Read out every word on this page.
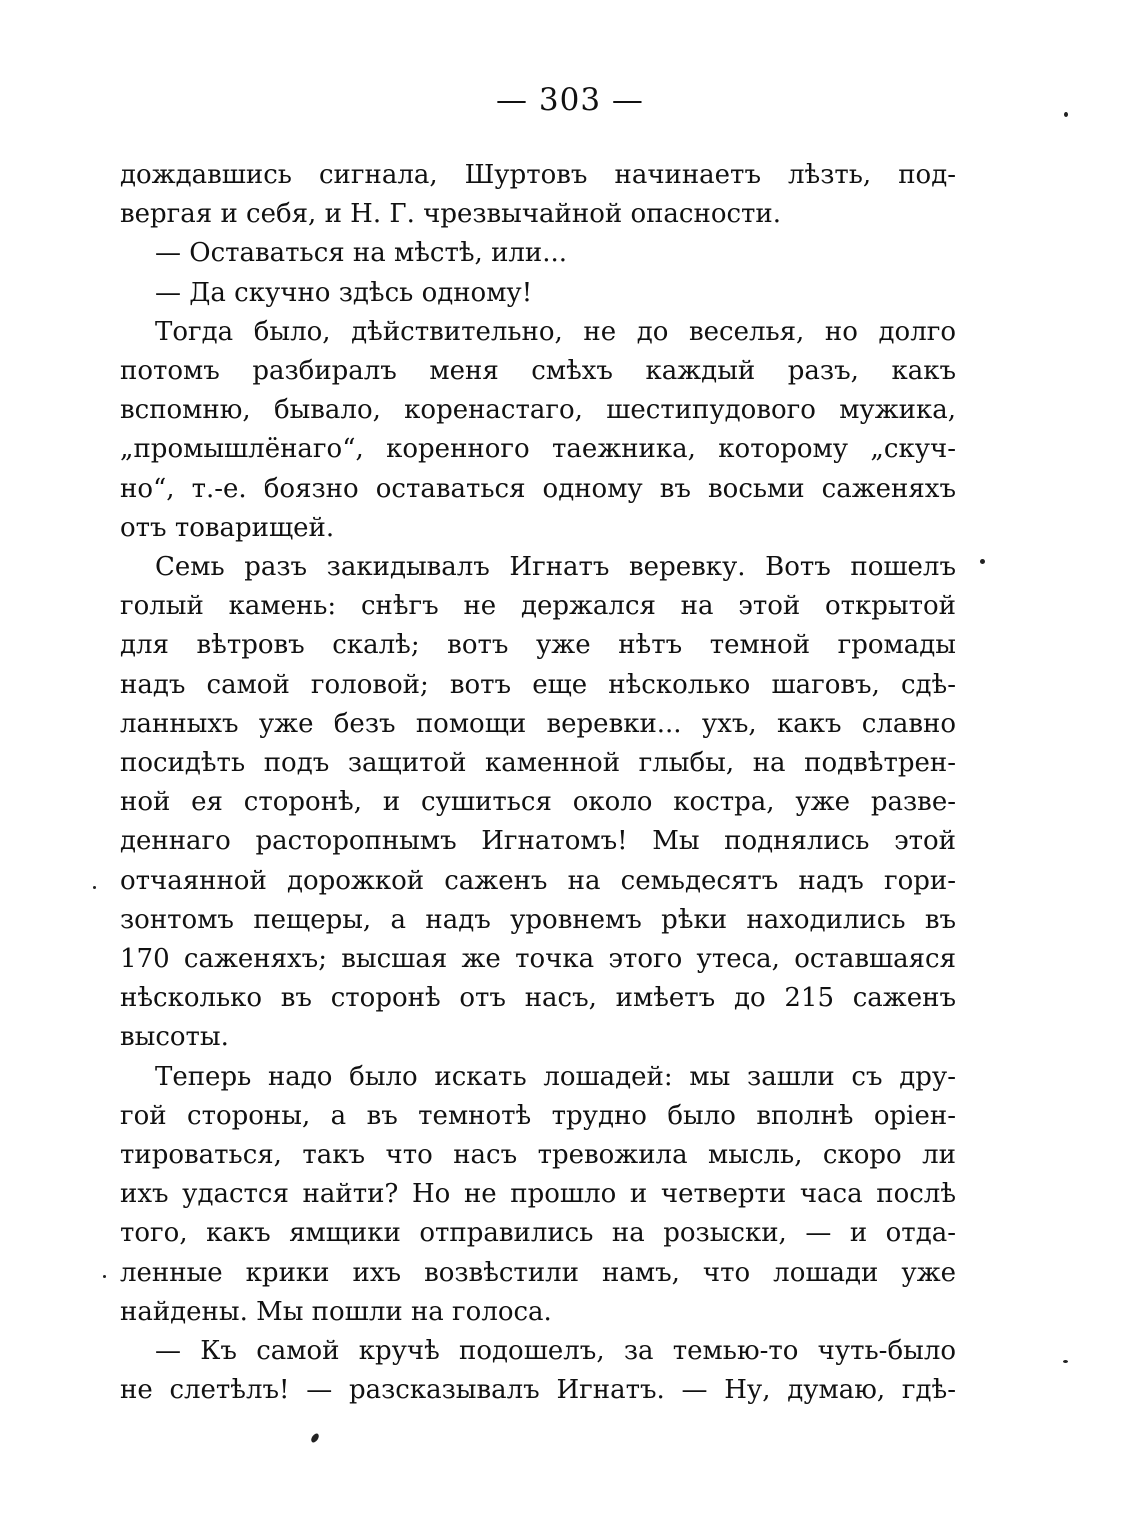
— 303 —
дождавшись сигнала, Шуртовъ начинаетъ лѣзть, под-
вергая и себя, и Н. Г. чрезвычайной опасности.
— Оставаться на мѣстѣ, или...
— Да скучно здѣсь одному!
Тогда было, дѣйствительно, не до веселья, но долго
потомъ разбиралъ меня смѣхъ каждый разъ, какъ
вспомню, бывало, коренастаго, шестипудового мужика,
„промышлёнаго“, коренного таежника, которому „скуч-
но“, т.-е. боязно оставаться одному въ восьми саженяхъ
отъ товарищей.
Семь разъ закидывалъ Игнатъ веревку. Вотъ пошелъ
голый камень: снѣгъ не держался на этой открытой
для вѣтровъ скалѣ; вотъ уже нѣтъ темной громады
надъ самой головой; вотъ еще нѣсколько шаговъ, сдѣ-
ланныхъ уже безъ помощи веревки... ухъ, какъ славно
посидѣть подъ защитой каменной глыбы, на подвѣтрен-
ной ея сторонѣ, и сушиться около костра, уже разве-
деннаго расторопнымъ Игнатомъ! Мы поднялись этой
отчаянной дорожкой саженъ на семьдесятъ надъ гори-
зонтомъ пещеры, а надъ уровнемъ рѣки находились въ
170 саженяхъ; высшая же точка этого утеса, оставшаяся
нѣсколько въ сторонѣ отъ насъ, имѣетъ до 215 саженъ
высоты.
Теперь надо было искать лошадей: мы зашли съ дру-
гой стороны, а въ темнотѣ трудно было вполнѣ оріен-
тироваться, такъ что насъ тревожила мысль, скоро ли
ихъ удастся найти? Но не прошло и четверти часа послѣ
того, какъ ямщики отправились на розыски, — и отда-
ленные крики ихъ возвѣстили намъ, что лошади уже
найдены. Мы пошли на голоса.
— Къ самой кручѣ подошелъ, за темью-то чуть-было
не слетѣлъ! — разсказывалъ Игнатъ. — Ну, думаю, гдѣ-
